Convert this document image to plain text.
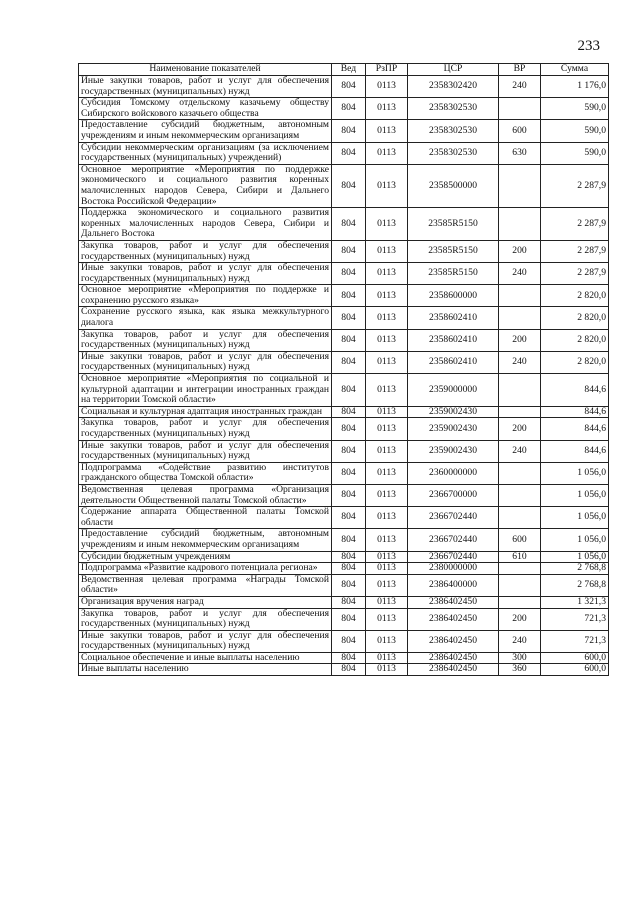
233
Наименование показателей	Вед	РзПР	ЦСР	ВР	Сумма
Иные закупки товаров, работ и услуг для обеспечения государственных (муниципальных) нужд	804	0113	2358302420	240	1 176,0
Субсидия Томскому отдельскому казачьему обществу Сибирского войскового казачьего общества	804	0113	2358302530		590,0
Предоставление субсидий бюджетным, автономным учреждениям и иным некоммерческим организациям	804	0113	2358302530	600	590,0
Субсидии некоммерческим организациям (за исключением государственных (муниципальных) учреждений)	804	0113	2358302530	630	590,0
Основное мероприятие «Мероприятия по поддержке экономического и социального развития коренных малочисленных народов Севера, Сибири и Дальнего Востока Российской Федерации»	804	0113	2358500000		2 287,9
Поддержка экономического и социального развития коренных малочисленных народов Севера, Сибири и Дальнего Востока	804	0113	23585R5150		2 287,9
Закупка товаров, работ и услуг для обеспечения государственных (муниципальных) нужд	804	0113	23585R5150	200	2 287,9
Иные закупки товаров, работ и услуг для обеспечения государственных (муниципальных) нужд	804	0113	23585R5150	240	2 287,9
Основное мероприятие «Мероприятия по поддержке и сохранению русского языка»	804	0113	2358600000		2 820,0
Сохранение русского языка, как языка межкультурного диалога	804	0113	2358602410		2 820,0
Закупка товаров, работ и услуг для обеспечения государственных (муниципальных) нужд	804	0113	2358602410	200	2 820,0
Иные закупки товаров, работ и услуг для обеспечения государственных (муниципальных) нужд	804	0113	2358602410	240	2 820,0
Основное мероприятие «Мероприятия по социальной и культурной адаптации и интеграции иностранных граждан на территории Томской области»	804	0113	2359000000		844,6
Социальная и культурная адаптация иностранных граждан	804	0113	2359002430		844,6
Закупка товаров, работ и услуг для обеспечения государственных (муниципальных) нужд	804	0113	2359002430	200	844,6
Иные закупки товаров, работ и услуг для обеспечения государственных (муниципальных) нужд	804	0113	2359002430	240	844,6
Подпрограмма «Содействие развитию институтов гражданского общества Томской области»	804	0113	2360000000		1 056,0
Ведомственная целевая программа «Организация деятельности Общественной палаты Томской области»	804	0113	2366700000		1 056,0
Содержание аппарата Общественной палаты Томской области	804	0113	2366702440		1 056,0
Предоставление субсидий бюджетным, автономным учреждениям и иным некоммерческим организациям	804	0113	2366702440	600	1 056,0
Субсидии бюджетным учреждениям	804	0113	2366702440	610	1 056,0
Подпрограмма «Развитие кадрового потенциала региона»	804	0113	2380000000		2 768,8
Ведомственная целевая программа «Награды Томской области»	804	0113	2386400000		2 768,8
Организация вручения наград	804	0113	2386402450		1 321,3
Закупка товаров, работ и услуг для обеспечения государственных (муниципальных) нужд	804	0113	2386402450	200	721,3
Иные закупки товаров, работ и услуг для обеспечения государственных (муниципальных) нужд	804	0113	2386402450	240	721,3
Социальное обеспечение и иные выплаты населению	804	0113	2386402450	300	600,0
Иные выплаты населению	804	0113	2386402450	360	600,0
